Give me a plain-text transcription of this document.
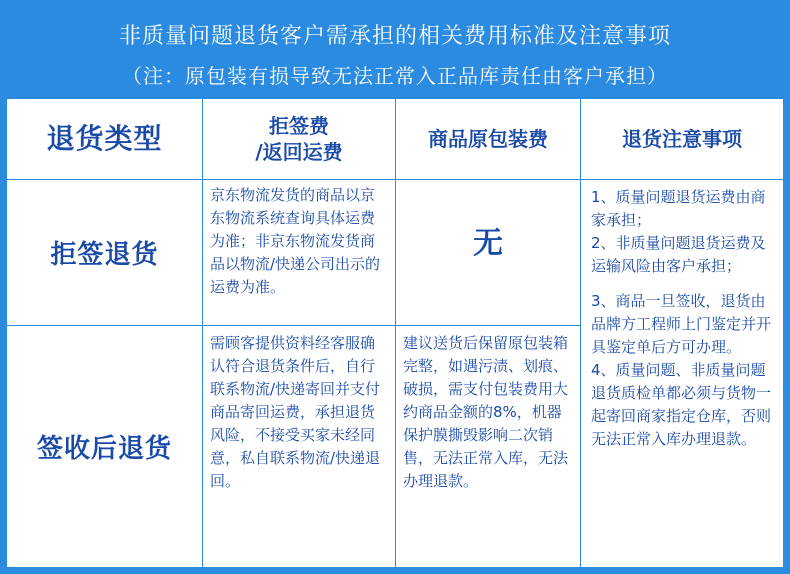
非质量问题退货客户需承担的相关费用标准及注意事项
（注：原包装有损导致无法正常入正品库责任由客户承担）
退货类型	拒签费
/返回运费
商品原包装费	退货注意事项
拒签退货
京东物流发货的商品以京东物流系统查询具体运费为准；非京东物流发货商品以物流/快递公司出示的运费为准。
无
签收后退货
需顾客提供资料经客服确认符合退货条件后，自行联系物流/快递寄回并支付商品寄回运费，承担退货风险，不接受买家未经同意，私自联系物流/快递退回。
建议送货后保留原包装箱完整，如遇污渍、划痕、破损，需支付包装费用大约商品金额的8%，机器保护膜撕毁影响二次销售，无法正常入库，无法办理退款。
1、质量问题退货运费由商家承担；
2、非质量问题退货运费及运输风险由客户承担；
3、商品一旦签收，退货由品牌方工程师上门鉴定并开具鉴定单后方可办理。
4、质量问题、非质量问题退货质检单都必须与货物一起寄回商家指定仓库，否则无法正常入库办理退款。
